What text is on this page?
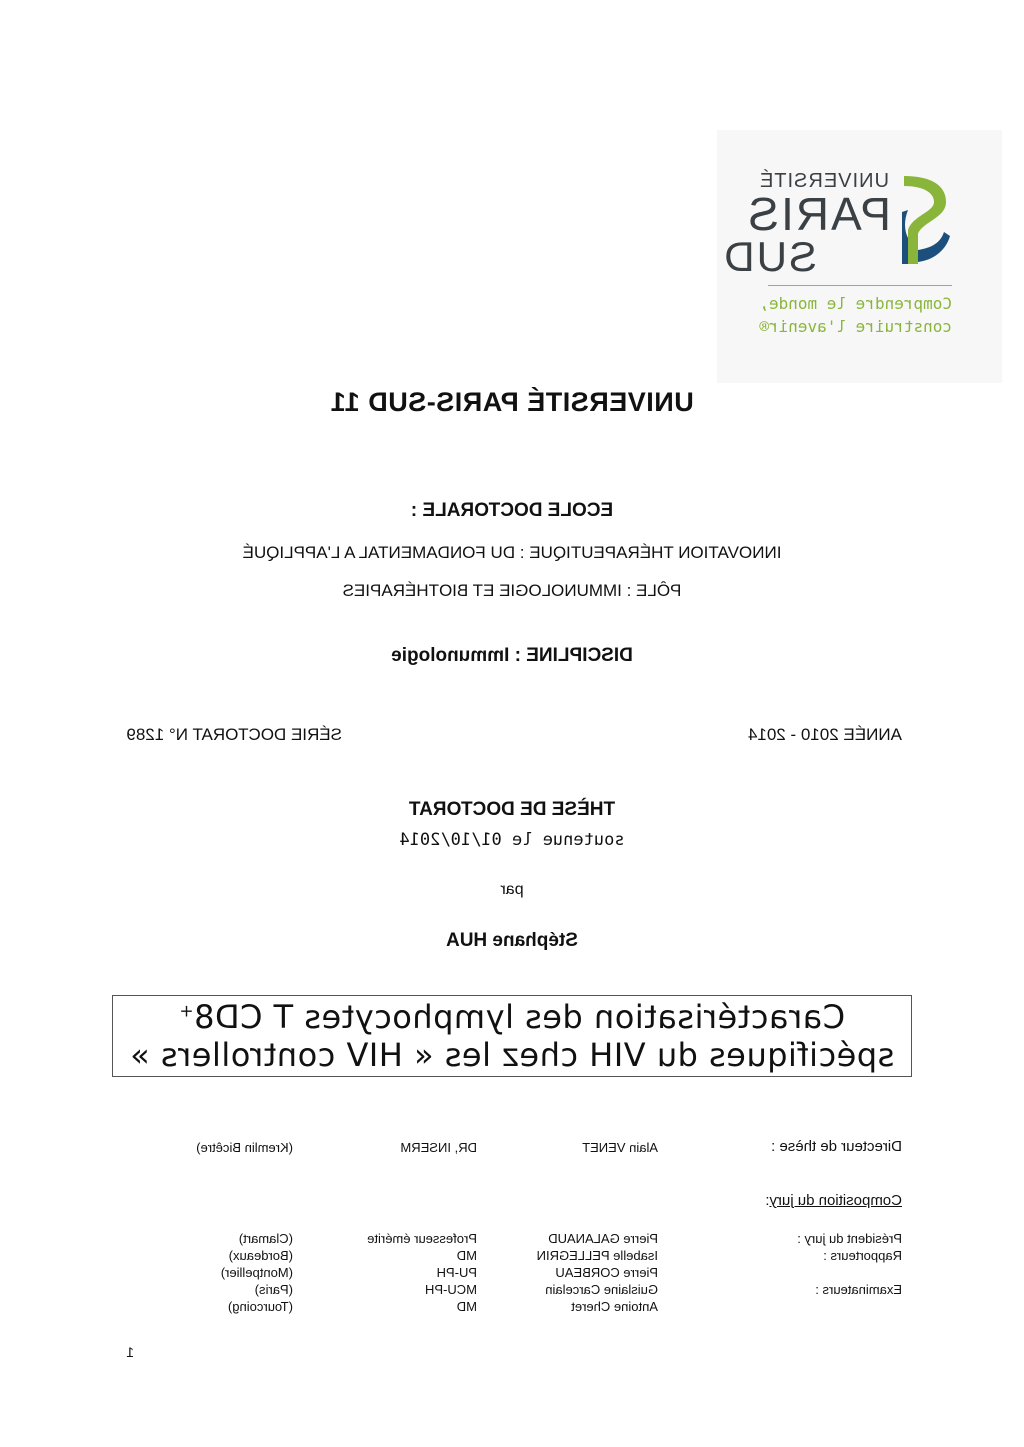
UNIVERSITÉ
PARIS
SUD
Comprendre le monde,
construire l'avenir®
UNIVERSITÉ PARIS-SUD 11
ECOLE DOCTORALE :
INNOVATION THÉRAPEUTIQUE : DU FONDAMENTAL A L'APPLIQUÉ
PÔLE : IMMUNOLOGIE ET BIOTHÉRAPIES
DISCIPLINE : Immunologie
ANNÉE 2010 - 2014
SÉRIE DOCTORAT N° 1289
THÈSE DE DOCTORAT
soutenue le 01/10/2014
par
Stéphane HUA
Caractérisation des lymphocytes T CD8+
spécifiques du VIH chez les « HIV controllers »
Directeur de thèse :
Alain VENET
DR, INSERM
(Kremlin Bicêtre)
Composition du jury:
Président du jury :
Rapporteurs :
Examinateurs :
Pierre GALANAUD
Isabelle PELLEGRIN
Pierre CORBEAU
Guislaine Carcelain
Antoine Cheret
Professeur émérite
MD
PU-PH
MCU-PH
MD
(Clamart)
(Bordeaux)
(Montpellier)
(Paris)
(Tourcoing)
1
